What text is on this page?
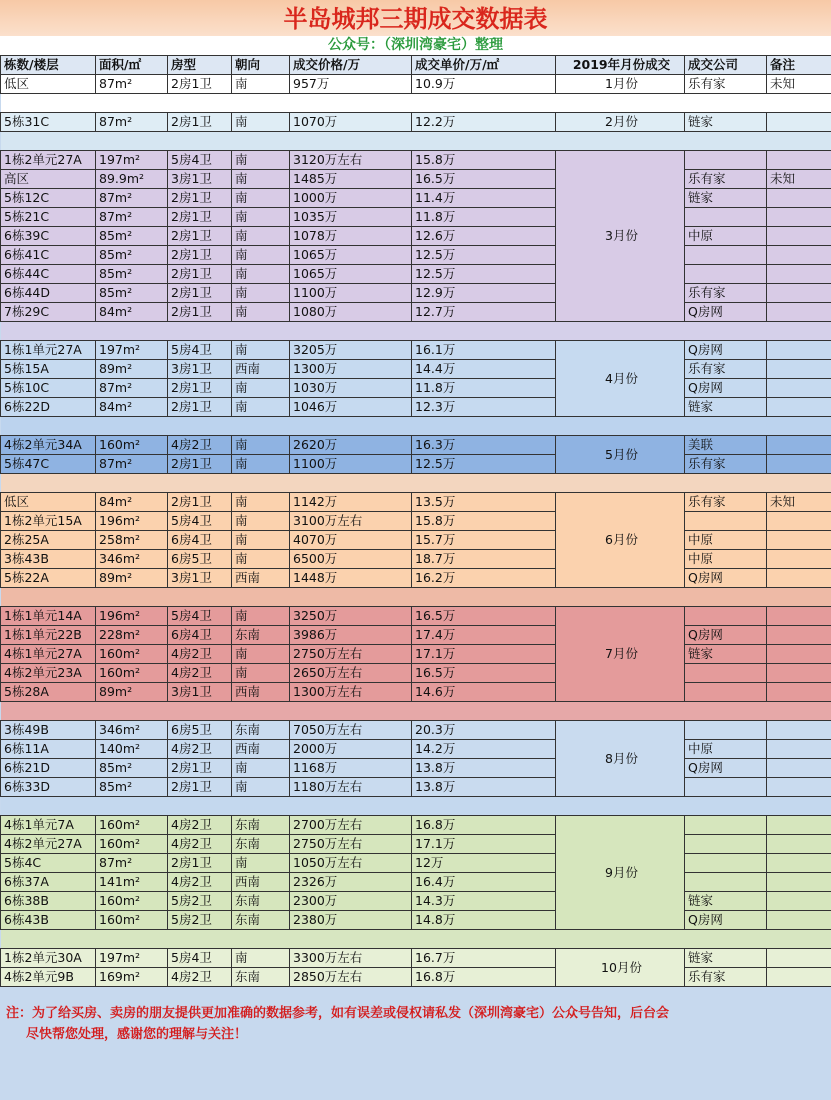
半岛城邦三期成交数据表
公众号：（深圳湾豪宅）整理
栋数/楼层	面积/㎡	房型	朝向	成交价格/万	成交单价/万/㎡	2019年月份成交	成交公司	备注
低区	87m²	2房1卫	南	957万	10.9万	1月份	乐有家	未知

5栋31C	87m²	2房1卫	南	1070万	12.2万	2月份	链家	

1栋2单元27A	197m²	5房4卫	南	3120万左右	15.8万	3月份		
高区	89.9m²	3房1卫	南	1485万	16.5万		乐有家	未知
5栋12C	87m²	2房1卫	南	1000万	11.4万		链家	
5栋21C	87m²	2房1卫	南	1035万	11.8万			
6栋39C	85m²	2房1卫	南	1078万	12.6万		中原	
6栋41C	85m²	2房1卫	南	1065万	12.5万			
6栋44C	85m²	2房1卫	南	1065万	12.5万			
6栋44D	85m²	2房1卫	南	1100万	12.9万		乐有家	
7栋29C	84m²	2房1卫	南	1080万	12.7万		Q房网	

1栋1单元27A	197m²	5房4卫	南	3205万	16.1万	4月份	Q房网	
5栋15A	89m²	3房1卫	西南	1300万	14.4万		乐有家	
5栋10C	87m²	2房1卫	南	1030万	11.8万		Q房网	
6栋22D	84m²	2房1卫	南	1046万	12.3万		链家	

4栋2单元34A	160m²	4房2卫	南	2620万	16.3万	5月份	美联	
5栋47C	87m²	2房1卫	南	1100万	12.5万		乐有家	

低区	84m²	2房1卫	南	1142万	13.5万	6月份	乐有家	未知
1栋2单元15A	196m²	5房4卫	南	3100万左右	15.8万			
2栋25A	258m²	6房4卫	南	4070万	15.7万		中原	
3栋43B	346m²	6房5卫	南	6500万	18.7万		中原	
5栋22A	89m²	3房1卫	西南	1448万	16.2万		Q房网	

1栋1单元14A	196m²	5房4卫	南	3250万	16.5万	7月份		
1栋1单元22B	228m²	6房4卫	东南	3986万	17.4万		Q房网	
4栋1单元27A	160m²	4房2卫	南	2750万左右	17.1万		链家	
4栋2单元23A	160m²	4房2卫	南	2650万左右	16.5万			
5栋28A	89m²	3房1卫	西南	1300万左右	14.6万			

3栋49B	346m²	6房5卫	东南	7050万左右	20.3万	8月份		
6栋11A	140m²	4房2卫	西南	2000万	14.2万		中原	
6栋21D	85m²	2房1卫	南	1168万	13.8万		Q房网	
6栋33D	85m²	2房1卫	南	1180万左右	13.8万			

4栋1单元7A	160m²	4房2卫	东南	2700万左右	16.8万	9月份		
4栋2单元27A	160m²	4房2卫	东南	2750万左右	17.1万			
5栋4C	87m²	2房1卫	南	1050万左右	12万			
6栋37A	141m²	4房2卫	西南	2326万	16.4万			
6栋38B	160m²	5房2卫	东南	2300万	14.3万		链家	
6栋43B	160m²	5房2卫	东南	2380万	14.8万		Q房网	

1栋2单元30A	197m²	5房4卫	南	3300万左右	16.7万	10月份	链家	
4栋2单元9B	169m²	4房2卫	东南	2850万左右	16.8万		乐有家	
注：为了给买房、卖房的朋友提供更加准确的数据参考，如有误差或侵权请私发（深圳湾豪宅）公众号告知，后台会
尽快帮您处理，感谢您的理解与关注！
